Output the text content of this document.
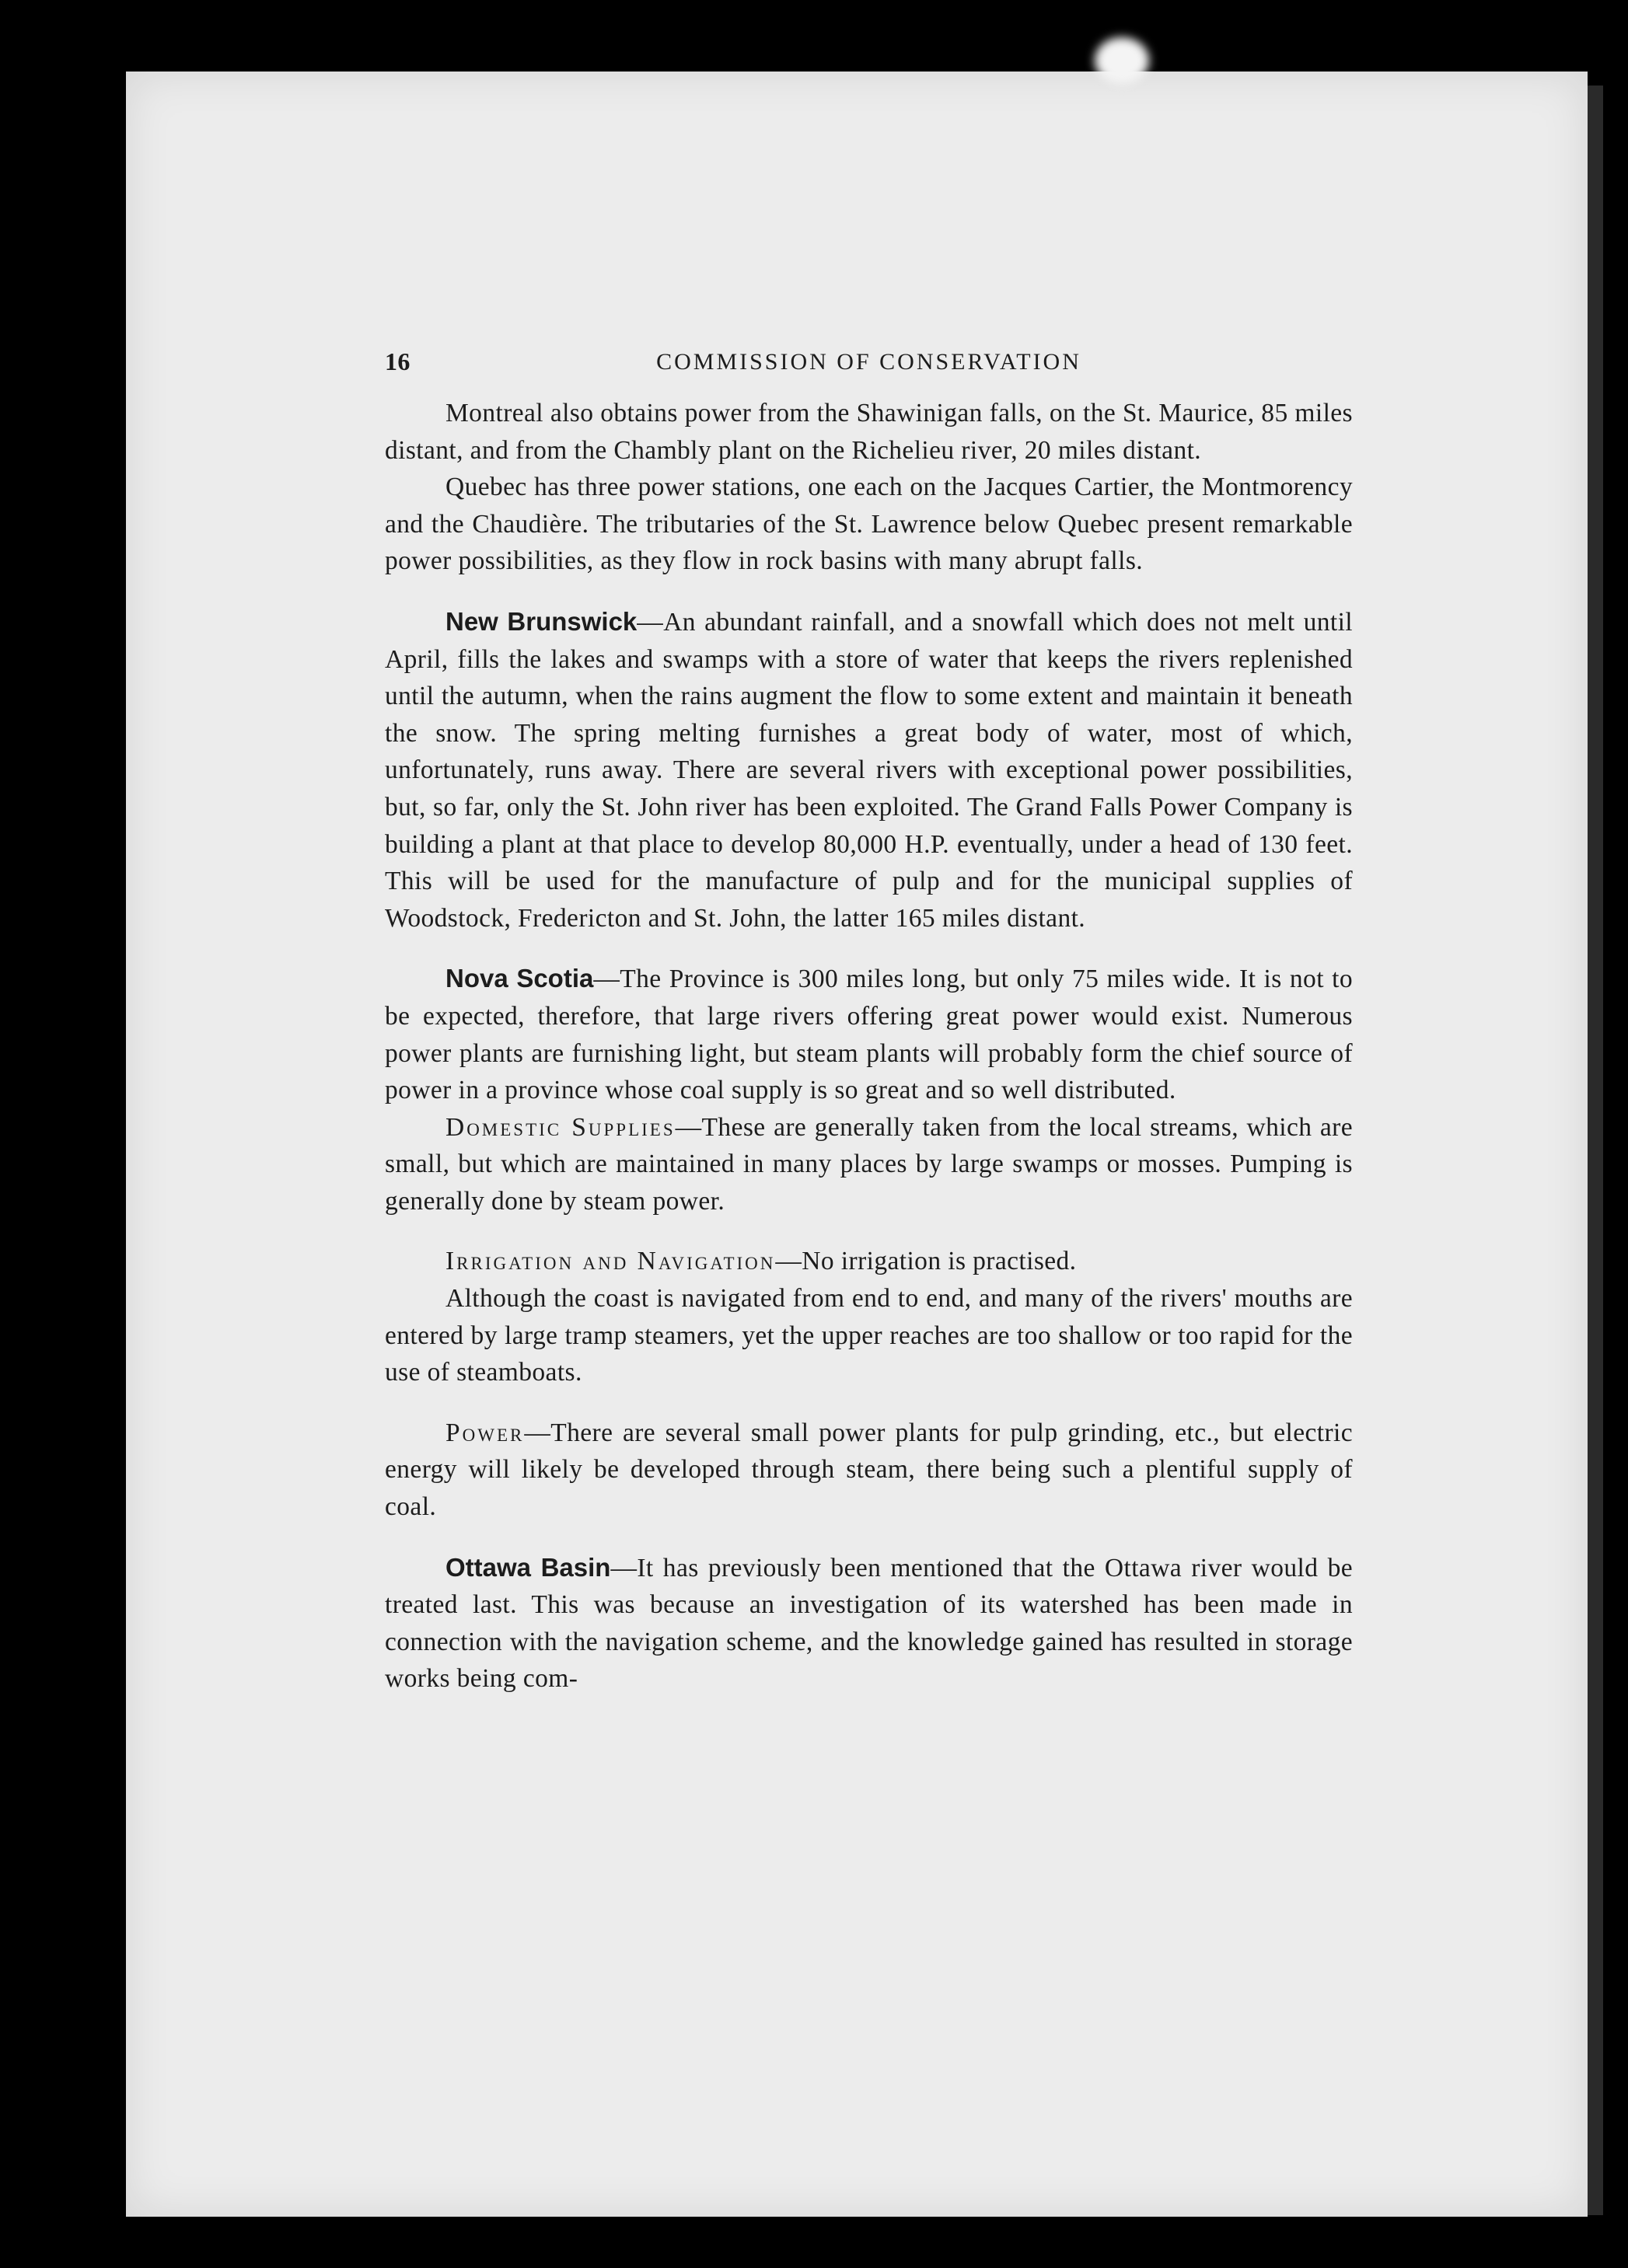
16	COMMISSION OF CONSERVATION

Montreal also obtains power from the Shawinigan falls, on the St. Maurice, 85 miles distant, and from the Chambly plant on the Richelieu river, 20 miles distant.

Quebec has three power stations, one each on the Jacques Cartier, the Montmorency and the Chaudière. The tributaries of the St. Lawrence below Quebec present remarkable power possibilities, as they flow in rock basins with many abrupt falls.

New Brunswick—An abundant rainfall, and a snowfall which does not melt until April, fills the lakes and swamps with a store of water that keeps the rivers replenished until the autumn, when the rains augment the flow to some extent and maintain it beneath the snow. The spring melting furnishes a great body of water, most of which, unfortunately, runs away. There are several rivers with exceptional power possibilities, but, so far, only the St. John river has been exploited. The Grand Falls Power Company is building a plant at that place to develop 80,000 H.P. eventually, under a head of 130 feet. This will be used for the manufacture of pulp and for the municipal supplies of Woodstock, Fredericton and St. John, the latter 165 miles distant.

Nova Scotia—The Province is 300 miles long, but only 75 miles wide. It is not to be expected, therefore, that large rivers offering great power would exist. Numerous power plants are furnishing light, but steam plants will probably form the chief source of power in a province whose coal supply is so great and so well distributed.

Domestic Supplies—These are generally taken from the local streams, which are small, but which are maintained in many places by large swamps or mosses. Pumping is generally done by steam power.

Irrigation and Navigation—No irrigation is practised.

Although the coast is navigated from end to end, and many of the rivers' mouths are entered by large tramp steamers, yet the upper reaches are too shallow or too rapid for the use of steamboats.

Power—There are several small power plants for pulp grinding, etc., but electric energy will likely be developed through steam, there being such a plentiful supply of coal.

Ottawa Basin—It has previously been mentioned that the Ottawa river would be treated last. This was because an investigation of its watershed has been made in connection with the navigation scheme, and the knowledge gained has resulted in storage works being com-
